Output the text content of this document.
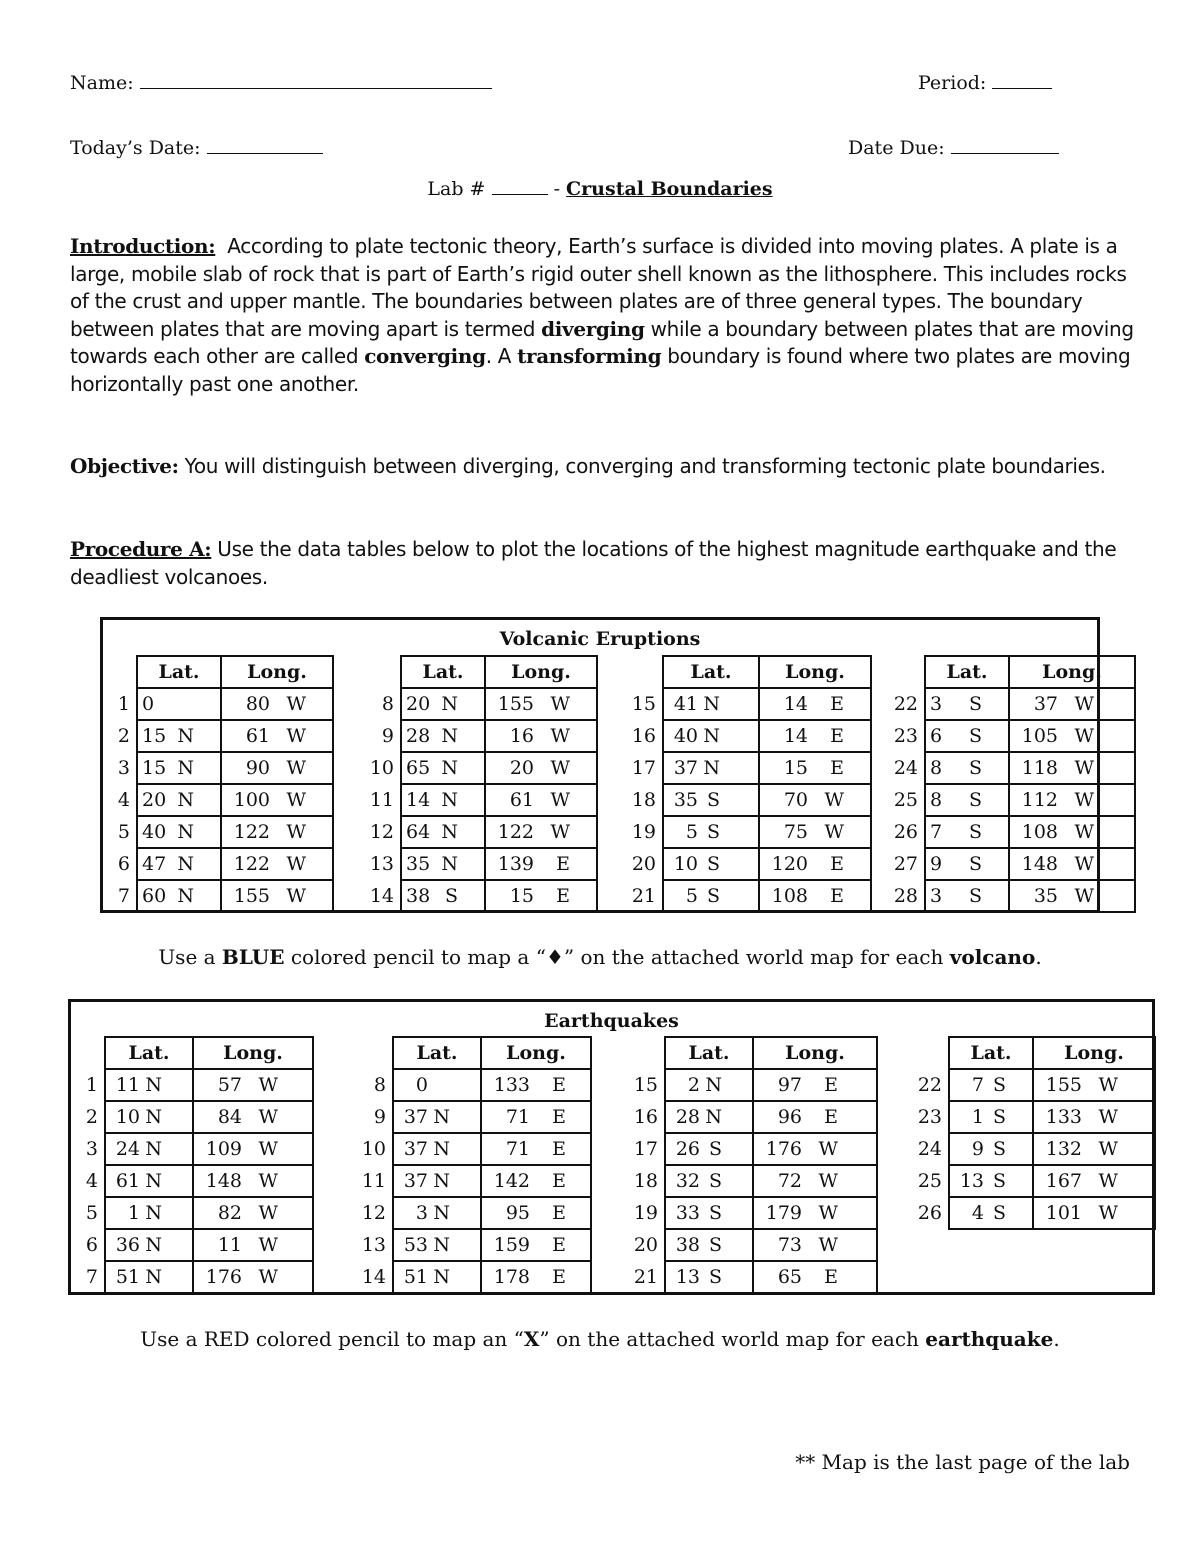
Name:	Period:
Today’s Date:	Date Due:
Lab #	- Crustal Boundaries
Introduction: According to plate tectonic theory, Earth’s surface is divided into moving plates. A plate is a large, mobile slab of rock that is part of Earth’s rigid outer shell known as the lithosphere. This includes rocks of the crust and upper mantle. The boundaries between plates are of three general types. The boundary between plates that are moving apart is termed diverging while a boundary between plates that are moving towards each other are called converging. A transforming boundary is found where two plates are moving horizontally past one another.
Objective: You will distinguish between diverging, converging and transforming tectonic plate boundaries.
Procedure A: Use the data tables below to plot the locations of the highest magnitude earthquake and the deadliest volcanoes.
Volcanic Eruptions
	Lat.	Long.
1	0	80 W
2	15 N	61 W
3	15 N	90 W
4	20 N	100 W
5	40 N	122 W
6	47 N	122 W
7	60 N	155 W
	Lat.	Long.
8	20 N	155 W
9	28 N	16 W
10	65 N	20 W
11	14 N	61 W
12	64 N	122 W
13	35 N	139 E
14	38 S	15 E
	Lat.	Long.
15	41 N	14 E
16	40 N	14 E
17	37 N	15 E
18	35 S	70 W
19	5 S	75 W
20	10 S	120 E
21	5 S	108 E
	Lat.	Long.
22	3 S	37 W
23	6 S	105 W
24	8 S	118 W
25	8 S	112 W
26	7 S	108 W
27	9 S	148 W
28	3 S	35 W
Use a BLUE colored pencil to map a “♦” on the attached world map for each volcano.
Earthquakes
	Lat.	Long.
1	11 N	57 W
2	10 N	84 W
3	24 N	109 W
4	61 N	148 W
5	1 N	82 W
6	36 N	11 W
7	51 N	176 W
	Lat.	Long.
8	0	133 E
9	37 N	71 E
10	37 N	71 E
11	37 N	142 E
12	3 N	95 E
13	53 N	159 E
14	51 N	178 E
	Lat.	Long.
15	2 N	97 E
16	28 N	96 E
17	26 S	176 W
18	32 S	72 W
19	33 S	179 W
20	38 S	73 W
21	13 S	65 E
	Lat.	Long.
22	7 S	155 W
23	1 S	133 W
24	9 S	132 W
25	13 S	167 W
26	4 S	101 W
Use a RED colored pencil to map an “X” on the attached world map for each earthquake.
** Map is the last page of the lab
